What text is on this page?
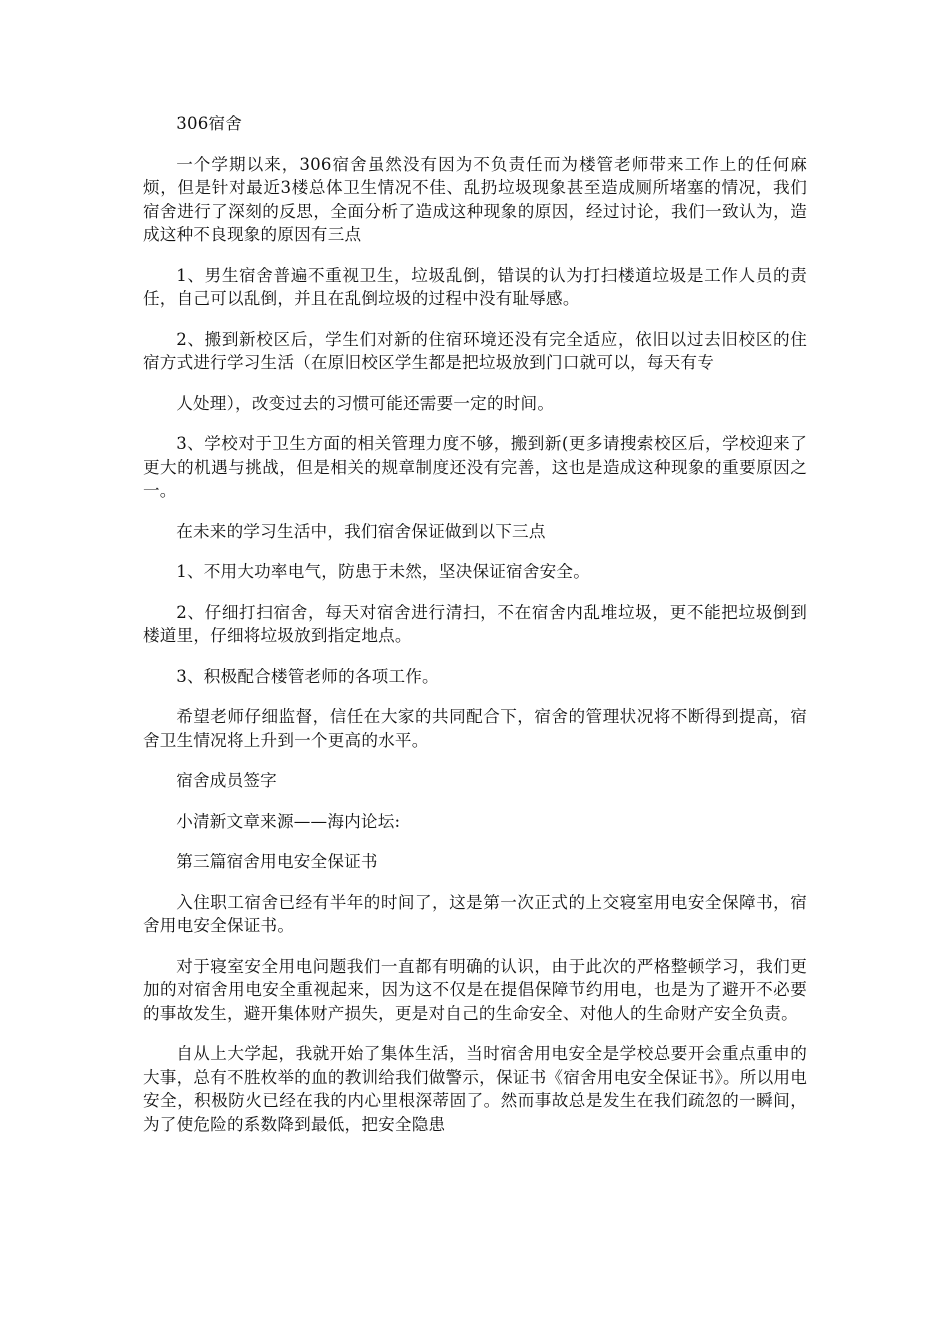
306宿舍

一个学期以来，306宿舍虽然没有因为不负责任而为楼管老师带来工作上的任何麻烦，但是针对最近3楼总体卫生情况不佳、乱扔垃圾现象甚至造成厕所堵塞的情况，我们宿舍进行了深刻的反思，全面分析了造成这种现象的原因，经过讨论，我们一致认为，造成这种不良现象的原因有三点

1、男生宿舍普遍不重视卫生，垃圾乱倒，错误的认为打扫楼道垃圾是工作人员的责任，自己可以乱倒，并且在乱倒垃圾的过程中没有耻辱感。

2、搬到新校区后，学生们对新的住宿环境还没有完全适应，依旧以过去旧校区的住宿方式进行学习生活（在原旧校区学生都是把垃圾放到门口就可以，每天有专

人处理），改变过去的习惯可能还需要一定的时间。

3、学校对于卫生方面的相关管理力度不够，搬到新(更多请搜索校区后，学校迎来了更大的机遇与挑战，但是相关的规章制度还没有完善，这也是造成这种现象的重要原因之一。

在未来的学习生活中，我们宿舍保证做到以下三点

1、不用大功率电气，防患于未然，坚决保证宿舍安全。

2、仔细打扫宿舍，每天对宿舍进行清扫，不在宿舍内乱堆垃圾，更不能把垃圾倒到楼道里，仔细将垃圾放到指定地点。

3、积极配合楼管老师的各项工作。

希望老师仔细监督，信任在大家的共同配合下，宿舍的管理状况将不断得到提高，宿舍卫生情况将上升到一个更高的水平。

宿舍成员签字

小清新文章来源——海内论坛:

第三篇宿舍用电安全保证书

入住职工宿舍已经有半年的时间了，这是第一次正式的上交寝室用电安全保障书，宿舍用电安全保证书。

对于寝室安全用电问题我们一直都有明确的认识，由于此次的严格整顿学习，我们更加的对宿舍用电安全重视起来，因为这不仅是在提倡保障节约用电，也是为了避开不必要的事故发生，避开集体财产损失，更是对自己的生命安全、对他人的生命财产安全负责。

自从上大学起，我就开始了集体生活，当时宿舍用电安全是学校总要开会重点重申的大事，总有不胜枚举的血的教训给我们做警示，保证书《宿舍用电安全保证书》。所以用电安全，积极防火已经在我的内心里根深蒂固了。然而事故总是发生在我们疏忽的一瞬间，为了使危险的系数降到最低，把安全隐患
